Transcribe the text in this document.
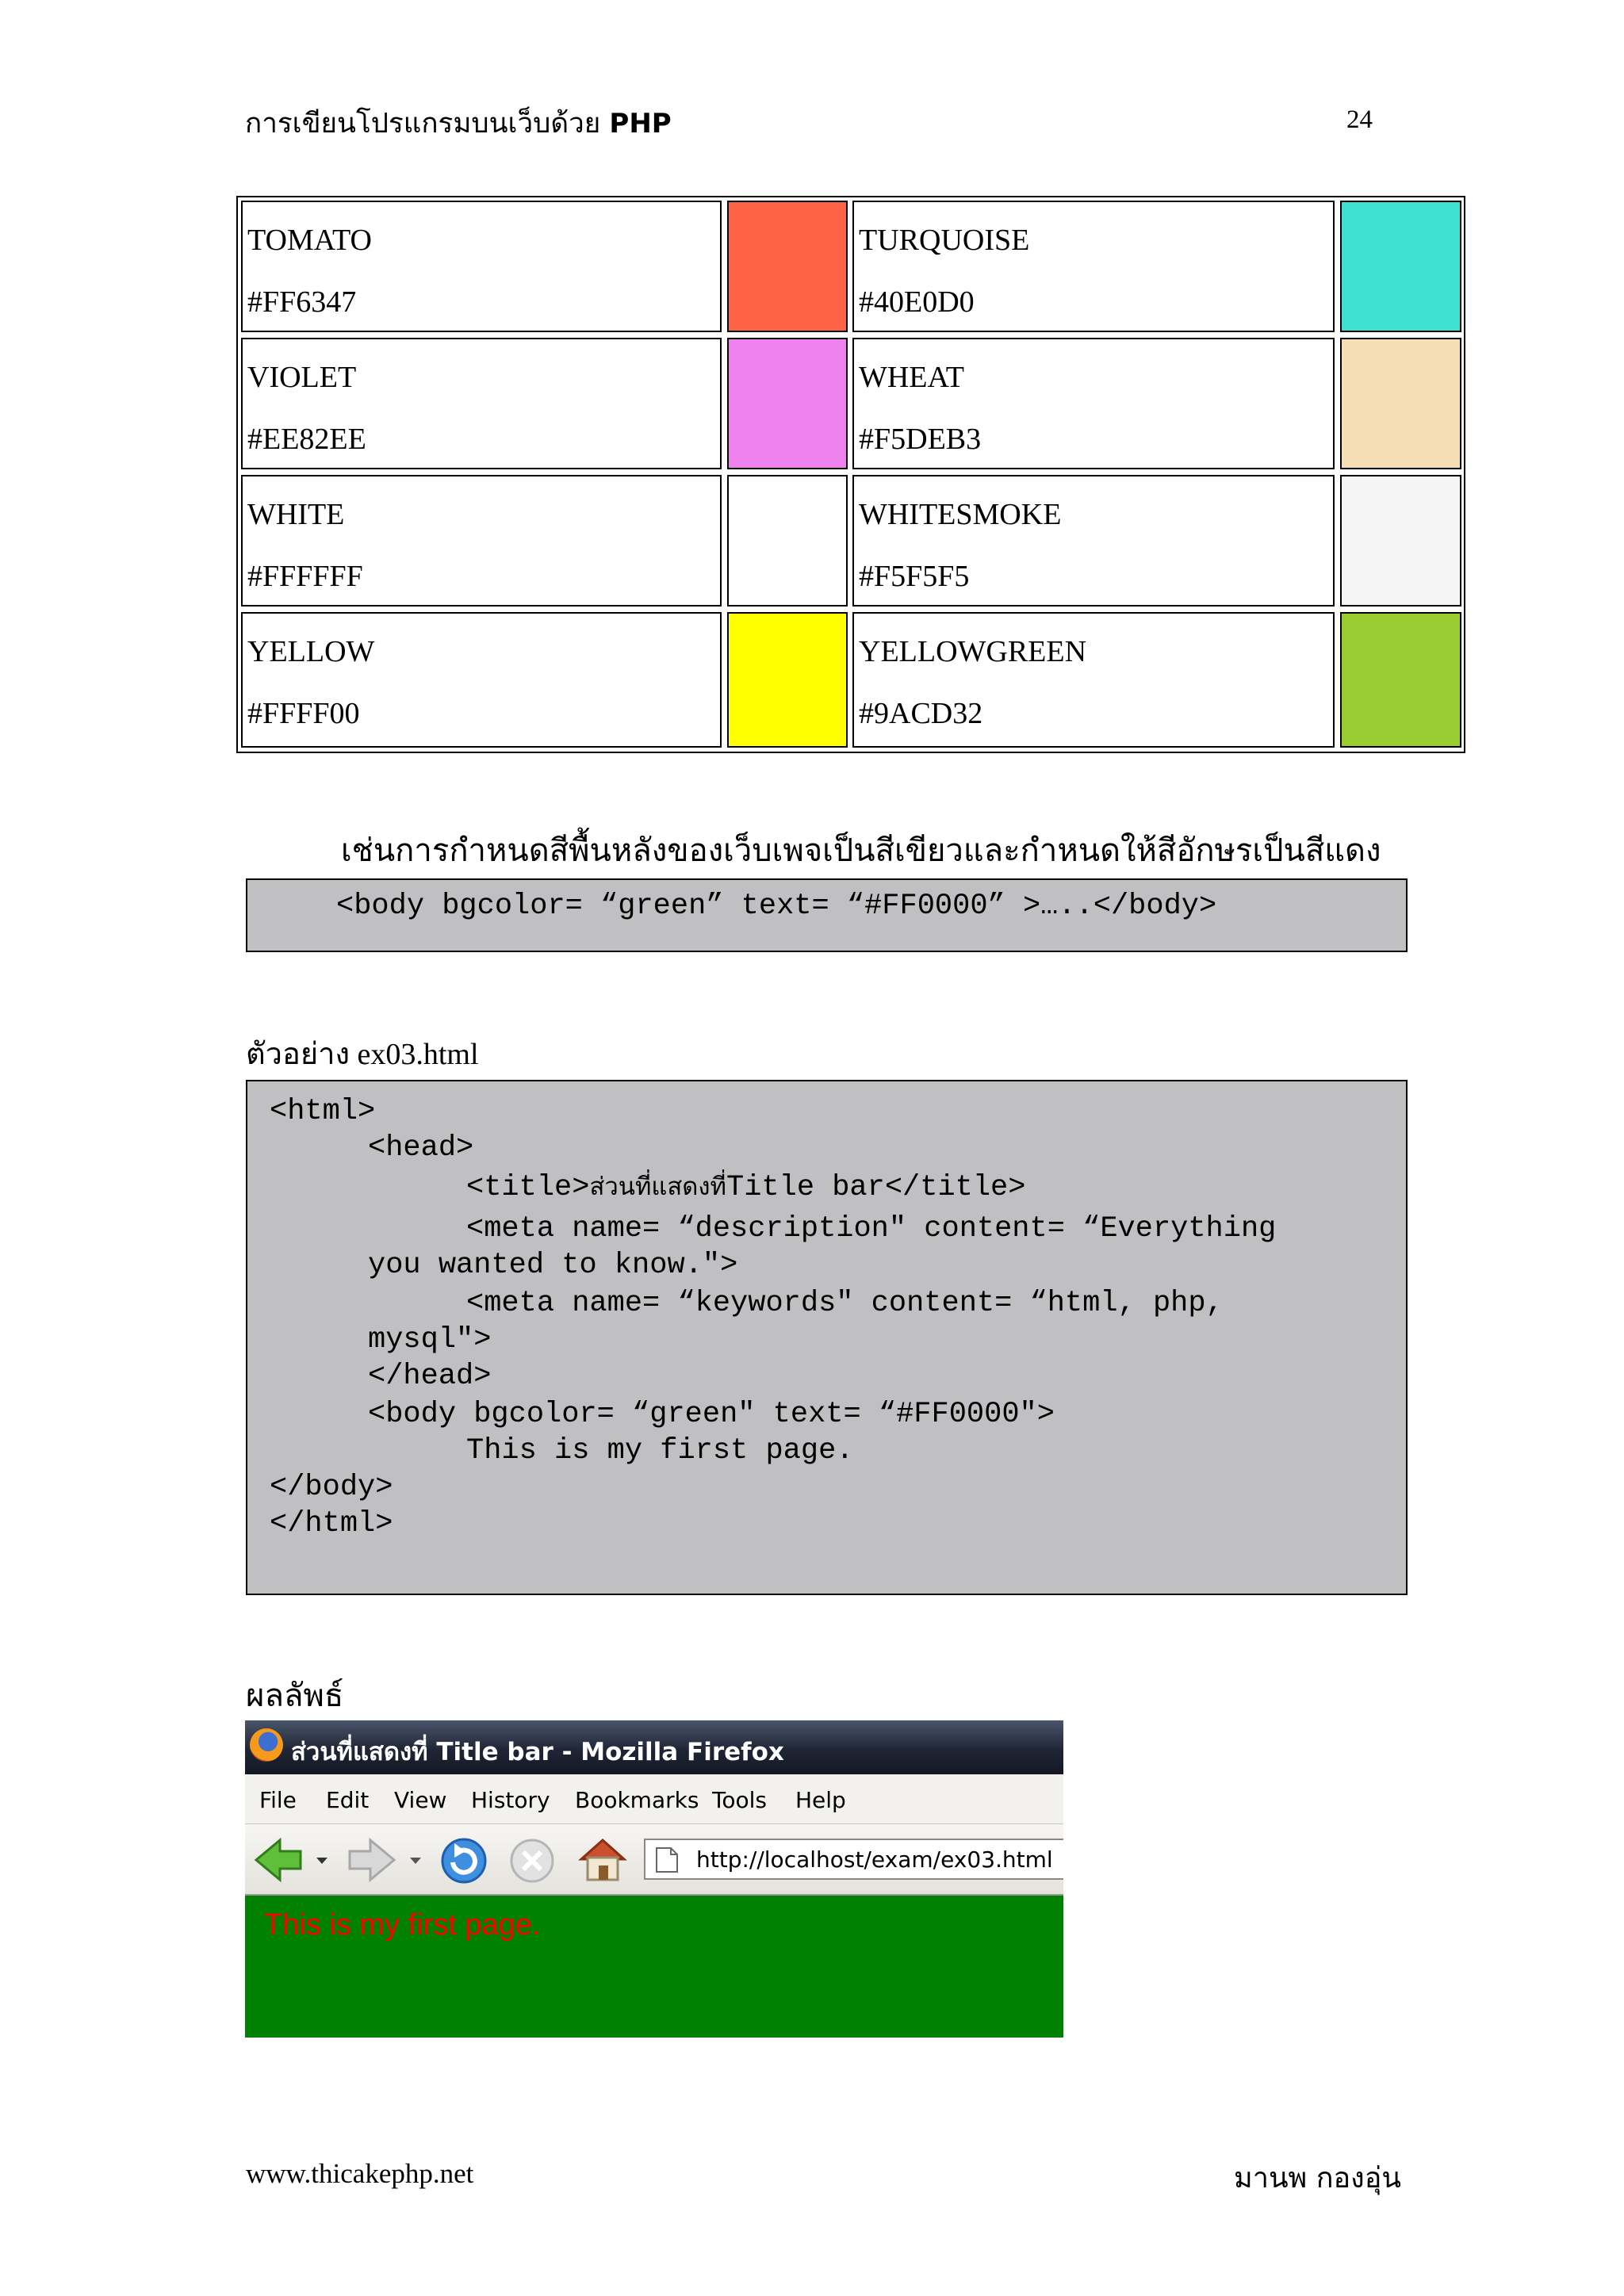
การเขียนโปรแกรมบนเว็บด้วย PHP	24
TOMATO
#FF6347
TURQUOISE
#40E0D0
VIOLET
#EE82EE
WHEAT
#F5DEB3
WHITE
#FFFFFF
WHITESMOKE
#F5F5F5
YELLOW
#FFFF00
YELLOWGREEN
#9ACD32
เช่นการกำหนดสีพื้นหลังของเว็บเพจเป็นสีเขียวและกำหนดให้สีอักษรเป็นสีแดง
<body bgcolor= “green” text= “#FF0000” >…..</body>
ตัวอย่าง ex03.html
<html>
<head>
<title>ส่วนที่แสดงที่Title bar</title>
<meta name= “description" content= “Everything
you wanted to know.">
<meta name= “keywords" content= “html, php,
mysql">
</head>
<body bgcolor= “green" text= “#FF0000">
This is my first page.
</body>
</html>
ผลลัพธ์
ส่วนที่แสดงที่ Title bar - Mozilla Firefox
File Edit View History Bookmarks Tools Help
http://localhost/exam/ex03.html
This is my first page.
www.thicakephp.net	มานพ กองอุ่น
